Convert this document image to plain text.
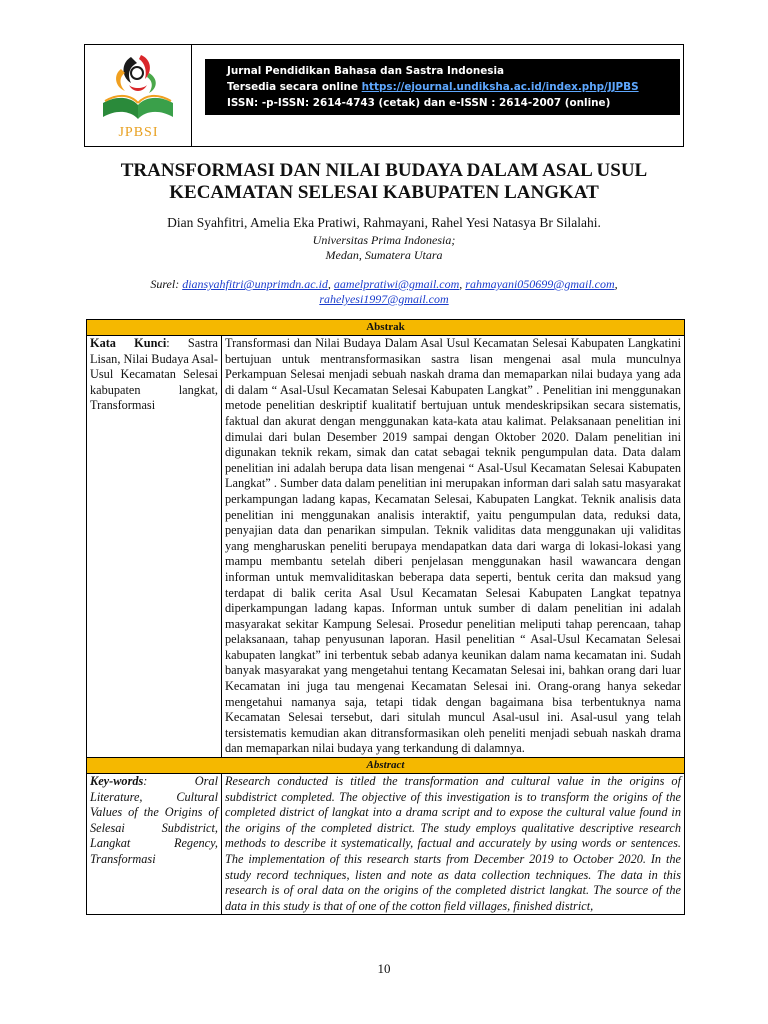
JPBSI
Jurnal Pendidikan Bahasa dan Sastra Indonesia
Tersedia secara online https://ejournal.undiksha.ac.id/index.php/JJPBS
ISSN: -p-ISSN: 2614-4743 (cetak) dan e-ISSN : 2614-2007 (online)
TRANSFORMASI DAN NILAI BUDAYA DALAM ASAL USUL
KECAMATAN SELESAI KABUPATEN LANGKAT
Dian Syahfitri, Amelia Eka Pratiwi, Rahmayani, Rahel Yesi Natasya Br Silalahi.
Universitas Prima Indonesia;
Medan, Sumatera Utara
Surel: diansyahfitri@unprimdn.ac.id, aamelpratiwi@gmail.com, rahmayani050699@gmail.com,
rahelyesi1997@gmail.com
Abstrak	
Kata Kunci: Sastra Lisan, Nilai Budaya Asal-Usul Kecamatan Selesai kabupaten langkat, Transformasi	Transformasi dan Nilai Budaya Dalam Asal Usul Kecamatan Selesai Kabupaten Langkatini bertujuan untuk mentransformasikan sastra lisan mengenai asal mula munculnya Perkampuan Selesai menjadi sebuah naskah drama dan memaparkan nilai budaya yang ada di dalam “ Asal-Usul Kecamatan Selesai Kabupaten Langkat” . Penelitian ini menggunakan metode penelitian deskriptif kualitatif bertujuan untuk mendeskripsikan secara sistematis, faktual dan akurat dengan menggunakan kata-kata atau kalimat. Pelaksanaan penelitian ini dimulai dari bulan Desember 2019 sampai dengan Oktober 2020. Dalam penelitian ini digunakan teknik rekam, simak dan catat sebagai teknik pengumpulan data. Data dalam penelitian ini adalah berupa data lisan mengenai “ Asal-Usul Kecamatan Selesai Kabupaten Langkat” . Sumber data dalam penelitian ini merupakan informan dari salah satu masyarakat perkampungan ladang kapas, Kecamatan Selesai, Kabupaten Langkat. Teknik analisis data penelitian ini menggunakan analisis interaktif, yaitu pengumpulan data, reduksi data, penyajian data dan penarikan simpulan. Teknik validitas data menggunakan uji validitas yang mengharuskan peneliti berupaya mendapatkan data dari warga di lokasi-lokasi yang mampu membantu setelah diberi penjelasan menggunakan hasil wawancara dengan informan untuk memvaliditaskan beberapa data seperti, bentuk cerita dan maksud yang terdapat di balik cerita Asal Usul Kecamatan Selesai Kabupaten Langkat tepatnya diperkampungan ladang kapas. Informan untuk sumber di dalam penelitian ini adalah masyarakat sekitar Kampung Selesai. Prosedur penelitian meliputi tahap perencaan, tahap pelaksanaan, tahap penyusunan laporan. Hasil penelitian “ Asal-Usul Kecamatan Selesai kabupaten langkat” ini terbentuk sebab adanya keunikan dalam nama kecamatan ini. Sudah banyak masyarakat yang mengetahui tentang Kecamatan Selesai ini, bahkan orang dari luar Kecamatan ini juga tau mengenai Kecamatan Selesai ini. Orang-orang hanya sekedar mengetahui namanya saja, tetapi tidak dengan bagaimana bisa terbentuknya nama Kecamatan Selesai tersebut, dari situlah muncul Asal-usul ini. Asal-usul yang telah tersistematis kemudian akan ditransformasikan oleh peneliti menjadi sebuah naskah drama dan memaparkan nilai budaya yang terkandung di dalamnya.
Abstract	
Key-words: Oral Literature, Cultural Values of the Origins of Selesai Subdistrict, Langkat Regency, Transformasi	Research conducted is titled the transformation and cultural value in the origins of subdistrict completed. The objective of this investigation is to transform the origins of the completed district of langkat into a drama script and to expose the cultural value found in the origins of the completed district. The study employs qualitative descriptive research methods to describe it systematically, factual and accurately by using words or sentences. The implementation of this research starts from December 2019 to October 2020. In the study record techniques, listen and note as data collection techniques. The data in this research is of oral data on the origins of the completed district langkat. The source of the data in this study is that of one of the cotton field villages, finished district,
10
